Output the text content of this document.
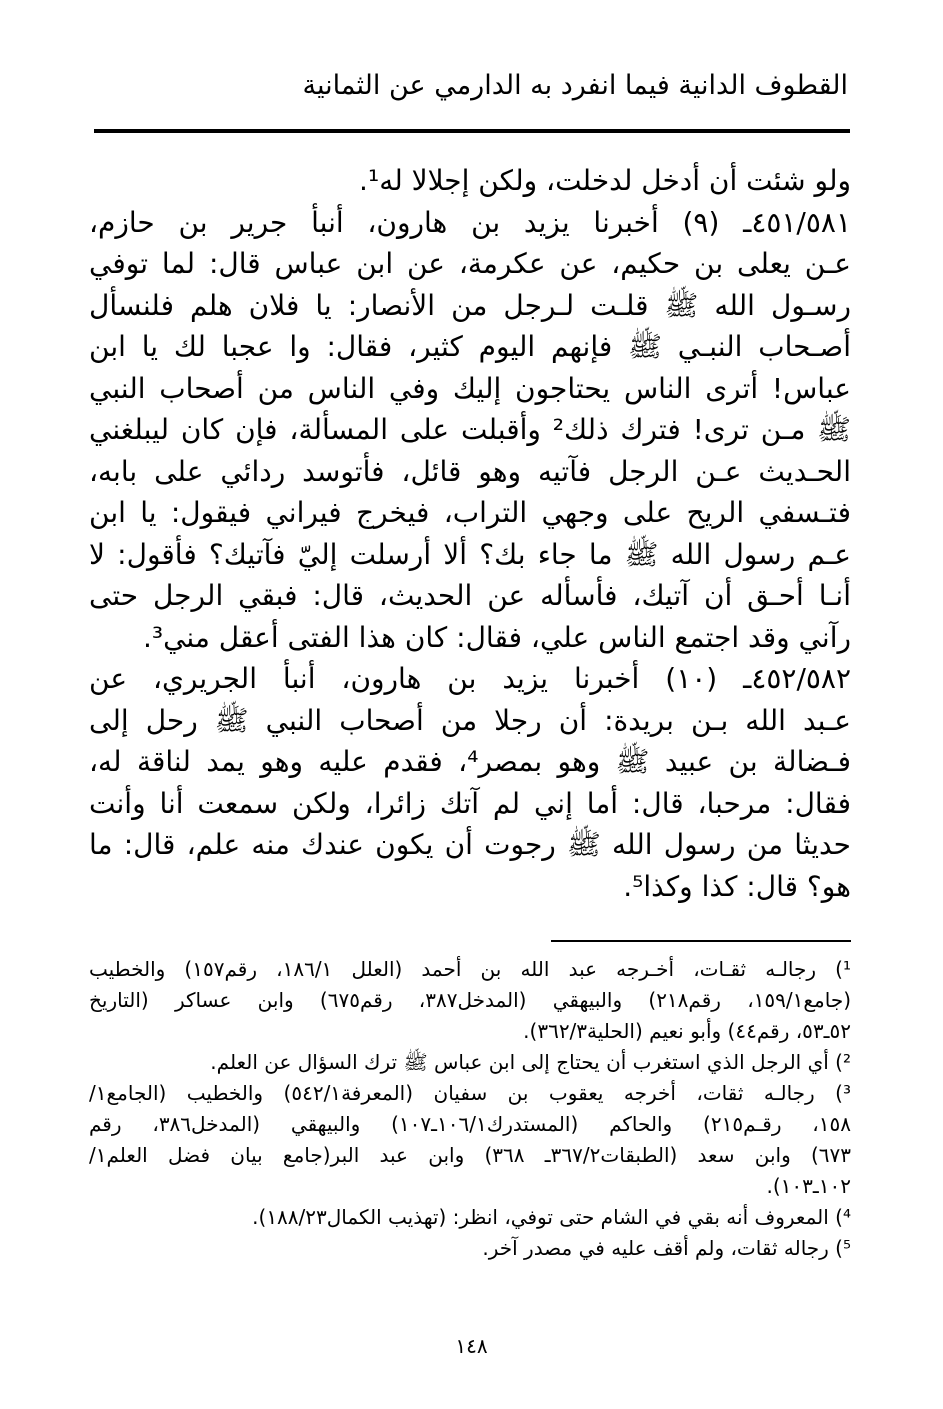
القطوف الدانية فيما انفرد به الدارمي عن الثمانية
ولو شئت أن أدخل لدخلت، ولكن إجلالا له¹.
٤٥١/٥٨١ـ (٩) أخبرنا يزيد بن هارون، أنبأ جرير بن حازم،
عـن يعلى بن حكيم، عن عكرمة، عن ابن عباس قال: لما توفي
رسـول الله ﷺ قلـت لـرجل من الأنصار: يا فلان هلم فلنسأل
أصـحاب النبـي ﷺ فإنهم اليوم كثير، فقال: وا عجبا لك يا ابن
عباس! أترى الناس يحتاجون إليك وفي الناس من أصحاب النبي
ﷺ مـن ترى! فترك ذلك² وأقبلت على المسألة، فإن كان ليبلغني
الحـديث عـن الرجل فآتيه وهو قائل، فأتوسد ردائي على بابه،
فتـسفي الريح على وجهي التراب، فيخرج فيراني فيقول: يا ابن
عـم رسول الله ﷺ ما جاء بك؟ ألا أرسلت إليّ فآتيك؟ فأقول: لا
أنـا أحـق أن آتيك، فأسأله عن الحديث، قال: فبقي الرجل حتى
رآني وقد اجتمع الناس علي، فقال: كان هذا الفتى أعقل مني³.
٤٥٢/٥٨٢ـ (١٠) أخبرنا يزيد بن هارون، أنبأ الجريري، عن
عـبد الله بـن بريدة: أن رجلا من أصحاب النبي ﷺ رحل إلى
فـضالة بن عبيد ﷺ وهو بمصر⁴، فقدم عليه وهو يمد لناقة له،
فقال: مرحبا، قال: أما إني لم آتك زائرا، ولكن سمعت أنا وأنت
حديثا من رسول الله ﷺ رجوت أن يكون عندك منه علم، قال: ما
هو؟ قال: كذا وكذا⁵.
¹) رجالـه ثقـات، أخـرجه عبد الله بن أحمد (العلل ١٨٦/١، رقم١٥٧) والخطيب
(جامع١٥٩/١، رقم٢١٨) والبيهقي (المدخل٣٨٧، رقم٦٧٥) وابن عساكر (التاريخ
٥٢ـ٥٣، رقم٤٤) وأبو نعيم (الحلية٣٦٢/٣).
²) أي الرجل الذي استغرب أن يحتاج إلى ابن عباس ﷺ ترك السؤال عن العلم.
³) رجالـه ثقات، أخرجه يعقوب بن سفيان (المعرفة٥٤٢/١) والخطيب (الجامع١/
١٥٨، رقـم٢١٥) والحاكم (المستدرك١٠٦/١ـ١٠٧) والبيهقي (المدخل٣٨٦، رقم
٦٧٣) وابن سعد (الطبقات٣٦٧/٢ـ ٣٦٨) وابن عبد البر(جامع بيان فضل العلم١/
١٠٢ـ١٠٣).
⁴) المعروف أنه بقي في الشام حتى توفي، انظر: (تهذيب الكمال١٨٨/٢٣).
⁵) رجاله ثقات، ولم أقف عليه في مصدر آخر.
١٤٨
